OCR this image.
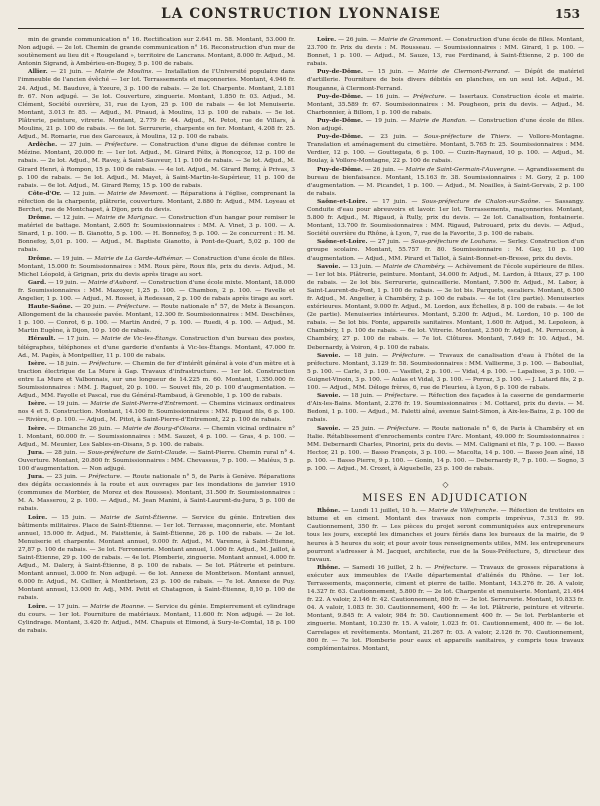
LA CONSTRUCTION LYONNAISE	153

min de grande communication n° 16. Rectification sur 2.641 m. 58. Montant, 53.000 fr. Non adjugé. — 2e lot. Chemin de grande communication n° 16. Reconstruction d'un mur de soutènement au lieu dit « Rougeland », territoire de Lancrans. Montant, 8.000 fr. Adjud., M. Antonin Sigrand, à Ambérieu-en-Bugey, 5 p. 100 de rabais.

Allier. — 21 juin. — Mairie de Moulins. — Installation de l'Université populaire dans l'immeuble de l'ancien évêché — 1er lot. Terrassements et maçonneries. Montant, 4.946 fr. 24. Adjud., M. Bauduve, à Yzeure, 3 p. 100 de rabais. — 2e lot. Charpente. Montant, 2.181 fr. 67. Non adjugé. — 3e lot. Couverture, zinguerie. Montant, 1.850 fr. 03. Adjud., M. Clément, Société ouvrière, 31, rue de Lyon, 25 p. 100 de rabais — 4e lot Menuiserie. Montant, 3.013 fr. 85. — Adjud., M. Pinaud, à Moulins, 13 p. 100 de rabais. — 5e lot. Plâtrerie, peinture, vitrerie. Montant, 2.779 fr. 44. Adjud., M. Petot, rue de Villars, à Moulins, 21 p. 100 de rabais. — 6e lot. Serrurerie, charpente en fer. Montant, 4.208 fr. 25. Adjud., M. Romarie, rue des Garceaux, à Moulins, 12 p. 100 de rabais.

Ardèche. — 27 juin. — Préfecture. — Construction d'une digue de défense contre le Mézine. Montant, 20.000 fr. — 1er lot. Adjud., M. Girard Félix, à Roncqcoz, 12 p. 100 de rabais. — 2e lot. Adjud., M. Ravey, à Saint-Sauveur, 11 p. 100 de rabais. — 3e lot. Adjud., M. Girard Henri, à Rompon, 15 p. 100 de rabais. — 4e lot. Adjud., M. Girard Remy, à Privas, 3 p. 100 de rabais. — 5e lot. Adjud., M. Mayet, à Saint-Martin-le-Supérieur, 11 p. 100 de rabais. — 6e lot. Adjud., M. Girard Remy, 15 p. 100 de rabais.

Côte-d'Or. — 12 juin. — Mairie de Mesmont. — Réparations à l'église, comprenant la réfection de la charpente, plâtrerie, couverture. Montant, 2.880 fr. Adjud., MM. Loyeau et Berchet, rue de Montchapet, à Dijon, prix du devis.

Drôme. — 12 juin. — Mairie de Marignac. — Construction d'un hangar pour remiser le matériel de battage. Montant, 2.605 fr. Soumissionnaires : MM. A. Vinet, 3 p. 100. — A. Sinard, 1 p. 100. — B. Gianotto, 5 p. 100. — H. Bonnefoy, 5 p. 100. — 2e concurrent : H. M. Bonnefoy, 5,01 p. 100. — Adjud., M. Baptiste Gianotto, à Pont-de-Quart, 5,02 p. 100 de rabais.

Drôme. — 19 juin. — Mairie de La Garde-Adhémar. — Construction d'une école de filles. Montant, 15.000 fr. Soumissionnaires : MM. Roux père, Roux fils, prix du devis. Adjud., M. Michel Léopold, à Grignan, prix du devis après tirage au sort.

Gard. — 19 juin. — Mairie d'Aubord. — Construction d'une école mixte. Montant, 18.000 fr. Soumissionnaires : MM. Mazoyer, 1,25 p. 100. — Chambon, 2 p. 100. — Favelle et Angelier, 1 p. 100. — Adjud., M. Rosset, à Redessan, 2 p. 100 de rabais après tirage au sort.

Haute-Saône. — 20 juin. — Préfecture. — Route nationale n° 57, de Metz à Besançon. Allongement de la chaussée pavée. Montant, 12.300 fr. Soumissionnaires : MM. Deschênes, 1 p. 100. — Conrot, 6 p. 100. — Martin André, 7 p. 100. — Ruedi, 4 p. 100. — Adjud., M. Martin Eugène, à Dijon, 10 p. 100 de rabais.

Hérault. — 17 juin. — Mairie de Vic-les-Étangs. Construction d'un bureau des postes, télégraphes, téléphones et d'une garderie d'enfants à Vic-les-Étangs. Montant, 47.000 fr. Ad., M. Pagès, à Montpellier, 11 p. 100 de rabais.

Isère. — 18 juin. — Préfecture. — Chemin de fer d'intérêt général à voie d'un mètre et à traction électrique de La Mure à Gap. Travaux d'infrastructure. — 1er lot. Construction entre La Mure et Valbonnais, sur une longueur de 14.225 m. 60. Montant, 1.350.000 fr. Soumissionnaires : MM. J. Raguet, 20 p. 100. — Souvet fils, 20 p. 100 d'augmentation. — Adjud., MM. Fayolle et Pascal, rue du Général-Rambaud, à Grenoble, 1 p. 100 de rabais.

Isère. — 19 juin. — Mairie de Saint-Pierre-d'Entremont. — Chemins vicinaux ordinaires nos 4 et 5. Construction. Montant, 14.100 fr. Soumissionnaires : MM. Rigaud fils, 6 p. 100. — Rivière, 6 p. 100. — Adjud., M. Pitot, à Saint-Pierre-d'Entremont, 22 p. 100 de rabais.

Isère. — Dimanche 26 juin. — Mairie de Bourg-d'Oisans. — Chemin vicinal ordinaire n° 1. Montant, 60.000 fr. — Soumissionnaires : MM. Sauzet, 4 p. 100. — Gras, 4 p. 100. — Adjud., M. Meunier, Les Sables-en-Oisans, 5 p. 100. de rabais.

Jura. — 28 juin. — Sous-préfecture de Saint-Claude. — Saint-Pierre. Chemin rural n° 4. Ouverture. Montant, 20.800 fr. Soumissionnaires : MM. Chevassus, 7 p. 100. — Maléus, 5 p. 100 d'augmentation. — Non adjugé.

Jura. — 23 juin. — Préfecture. — Route nationale n° 5, de Paris à Genève. Réparations des dégâts occasionnés à la route et aux ouvrages par les inondations de janvier 1910 (communes de Morbier, de Morez et des Rousses). Montant, 31.500 fr. Soumissionnaires : M. A. Masserou, 2 p. 100. — Adjud., M. Jean Manini, à Saint-Laurent-du-Jura, 5 p. 100 de rabais.

Loire. — 15 juin. — Mairie de Saint-Étienne. — Service du génie. Entretien des bâtiments militaires. Place de Saint-Étienne. — 1er lot. Terrasse, maçonnerie, etc. Montant annuel, 15.000 fr. Adjud., M. Faisttenie, à Saint-Étienne, 26 p. 100 de rabais. — 2e lot. Menuiserie et charpente. Montant annuel, 9.000 fr. Adjud., M. Varenne, à Saint-Étienne, 27,87 p. 100 de rabais. — 3e lot. Ferronnerie. Montant annuel, 1.000 fr. Adjud., M. Jaillot, à Saint-Étienne, 29 p. 100 de rabais. — 4e lot. Plomberie, zinguerie. Montant annuel, 4.000 fr. Adjud., M. Dalery, à Saint-Étienne, 8 p. 100 de rabais. — 5e lot. Plâtrerie et peinture. Montant annuel, 3.000 fr. Non adjugé. — 6e lot. Annexe de Montbrison. Montant annuel, 6.000 fr. Adjud., M. Cellier, à Montbrison, 23 p. 100 de rabais. — 7e lot. Annexe de Puy. Montant annuel, 13.000 fr. Adj., MM. Petit et Chatagnon, à Saint-Étienne, 8,10 p. 100 de rabais.

Loire. — 17 juin. — Mairie de Roanne. — Service du génie. Empierrement et cylindrage du cours. — 1er lot. Fourniture de matériaux. Montant, 11.600 fr. Non adjugé. — 2e lot. Cylindrage. Montant, 3.420 fr. Adjud., MM. Chapuis et Eimond, à Sury-le-Comtal, 18 p. 100 de rabais.

Loire. — 26 juin. — Mairie de Grammont. — Construction d'une école de filles. Montant, 23.700 fr. Prix du devis : M. Rousseau. — Soumissionnaires : MM. Girard, 1 p. 100. — Bonnet, 1 p. 100. — Adjud., M. Sauze, 13, rue Ferdinand, à Saint-Étienne, 2 p. 100 de rabais.

Puy-de-Dôme. — 15 juin. — Mairie de Clermont-Ferrand. — Dépôt de matériel d'artillerie. Fourniture de bois divers débités en planches, en un seul lot. Adjud., M. Rouganne, à Clermont-Ferrand.

Puy-de-Dôme. — 16 juin. — Préfecture. — Issertaux. Construction école et mairie. Montant, 35.589 fr. 67. Soumissionnaires : M. Pougheon, prix du devis. — Adjud., M. Charbonnier, à Billom, 1 p. 100 de rabais.

Puy-de-Dôme. — 19 juin. — Mairie de Randan. — Construction d'une école de filles. Non adjugé.

Puy-de-Dôme. — 23 juin. — Sous-préfecture de Thiers. — Vollore-Montagne. Translation et aménagement du cimetière. Montant, 5.765 fr. 25. Soumissionnaires : MM. Verdier, 12 p. 100. — Gouttegata, 6 p. 100. — Cuzin-Raynaud, 10 p. 100. — Adjud., M. Boulay, à Vollore-Montagne, 22 p. 100 de rabais.

Puy-de-Dôme. — 26 juin. — Mairie de Saint-Germain-l'Auvergne. — Agrandissement du bureau de bienfaisance. Montant, 15.163 fr. 38. Soumissionnaires : M. Gory, 2 p. 100 d'augmentation. — M. Picandet, 1 p. 100. — Adjud., M. Noailles, à Saint-Gervais, 2 p. 100 de rabais.

Saône-et-Loire. — 17 juin. — Sous-préfecture de Chalon-sur-Saône. — Sassangy. Conduite d'eau pour abreuvoirs et lavoir. 1er lot. Terrassements, maçonneries. Montant, 5.800 fr. Adjud., M. Rigaud, à Rully, prix du devis. — 2e lot. Canalisation, fontainerie. Montant, 13.700 fr. Soumissionnaires : MM. Rigaud, Patrouard, prix du devis. — Adjud., Société ouvrière du Rhône, à Lyon, 7, rue de la Favorite, 3 p. 100 de rabais.

Saône-et-Loire. — 27 juin. — Sous-préfecture de Louhans. — Serley. Construction d'un groupe scolaire. Montant, 55.757 fr. 80. Soumissionnaire : M. Gay, 10 p. 100 d'augmentation. — Adjud., MM. Pirard et Tallot, à Saint-Bonnet-en-Bresse, prix du devis.

Savoie. — 13 juin. — Mairie de Chambéry. — Achèvement de l'école supérieure de filles. — 1er lot bis. Plâtrerie, peinture. Montant, 34.000 fr. Adjud., M. Lardon, à Ittaux, 27 p. 100 de rabais. — 2e lot bis. Serrurerie, quincaillerie. Montant, 7.500 fr. Adjud., M. Labor, à Saint-Laurent-du-Pont, 1 p. 100 de rabais. — 3e lot bis. Parquets, escaliers. Montant, 6.500 fr. Adjud., M. Angelier, à Chambéry, 2 p. 100 de rabais. — 4e lot (1re partie). Menuiseries extérieures. Montant, 9.000 fr. Adjud., M. Lordon, aux Échelles, 8 p. 100 de rabais. — 4e lot (2e partie). Menuiseries intérieures. Montant, 5.200 fr. Adjud., M. Lordon, 10 p. 100 de rabais. — 5e lot bis. Fonte, appareils sanitaires. Montant, 1.600 fr. Adjud., M. Lepoleon, à Chambéry, 1 p. 100 de rabais. — 6e lot. Vitrerie. Montant, 2.500 fr. Adjud., M. Perruccon, à Chambéry, 27 p. 100 de rabais. — 7e lot. Clôtures. Montant, 7.649 fr. 10. Adjud., M. Debernardy, à Voiron, 4 p. 100 de rabais.

Savoie. — 18 juin. — Préfecture. — Travaux de canalisation d'eau à l'hôtel de la préfecture. Montant, 3.129 fr. 58. Soumissionnaires : MM. Vallierme, 3 p. 100. — Babouliat, 5 p. 100. — Carle, 3 p. 100. — Vasillet, 2 p. 100. — Vidal, 4 p. 100. — Lapalisse, 3 p. 100. — Guignet-Vinoin, 3 p. 100. — Aulas et Vidal, 3 p. 100. — Porraz, 3 p. 100. — J. Latard fils, 2 p. 100. — Adjud., MM. Déloge frères, 6, rue de Fleurieu, à Lyon, 6 p. 100 de rabais.

Savoie. — 18 juin. — Préfecture. — Réfection des façades à la caserne de gendarmerie d'Aix-les-Bains. Montant, 2.276 fr. 19. Soumissionnaires : M. Cottarel, prix du devis. — M. Bedoni, 1 p. 100. — Adjud., M. Faletti aîné, avenue Saint-Simon, à Aix-les-Bains, 2 p. 100 de rabais.

Savoie. — 25 juin. — Préfecture. — Route nationale n° 6, de Paris à Chambéry et en Italie. Rétablissement d'enrochements contre l'Arc. Montant, 49.000 fr. Soumissionnaires : MM. Debernardi Charles, Pinorini, prix du devis. — MM. Calignani et fils, 7 p. 100. — Basso Hector, 21 p. 100. — Basso François, 3 p. 100. — Macolta, 14 p. 100. — Basso Jean aîné, 18 p. 100. — Basso Pierre, 9 p. 100. — Gonin, 14 p. 100. — Debernardy P., 7 p. 100. — Sogno, 3 p. 100. — Adjud., M. Crozet, à Aiguebelle, 23 p. 100 de rabais.

◇
MISES EN ADJUDICATION

Rhône. — Lundi 11 juillet, 10 h. — Mairie de Villefranche. — Réfection de trottoirs en bitume et en ciment. Montant des travaux non compris imprévus, 7.313 fr. 99. Cautionnement, 350 fr. — Les pièces du projet seront communiquées aux entrepreneurs tous les jours, excepté les dimanches et jours fériés dans les bureaux de la mairie, de 9 heures à 5 heures du soir, et pour avoir tous renseignements utiles, MM. les entrepreneurs pourront s'adresser à M. Jacquet, architecte, rue de la Sous-Préfecture, 5, directeur des travaux.

Rhône. — Samedi 16 juillet, 2 h. — Préfecture. — Travaux de grosses réparations à exécuter aux immeubles de l'Asile départemental d'aliénés du Rhône. — 1er lot. Terrassements, maçonnerie, ciment et pierre de taille. Montant, 143.276 fr. 26. A valoir, 14.327 fr. 63. Cautionnement, 5.800 fr. — 2e lot. Charpente et menuiserie. Montant, 21.464 fr. 22. A valoir, 2.146 fr. 42. Cautionnement, 800 fr. — 3e lot. Serrurerie. Montant, 10.833 fr. 04. A valoir, 1.083 fr. 30. Cautionnement, 400 fr. — 4e lot. Plâtrerie, peinture et vitrerie. Montant, 9.845 fr. A valoir, 984 fr. 50. Cautionnement 400 fr. — 5e lot. Ferblanterie et zinguerie. Montant, 10.230 fr. 15. A valoir, 1.023 fr. 01. Cautionnement, 400 fr. — 6e lot. Carrelages et revêtements. Montant, 21.267 fr. 03. A valoir, 2.126 fr. 70. Cautionnement, 800 fr. — 7e lot. Plomberie pour eaux et appareils sanitaires, y compris tous travaux complémentaires. Montant,
